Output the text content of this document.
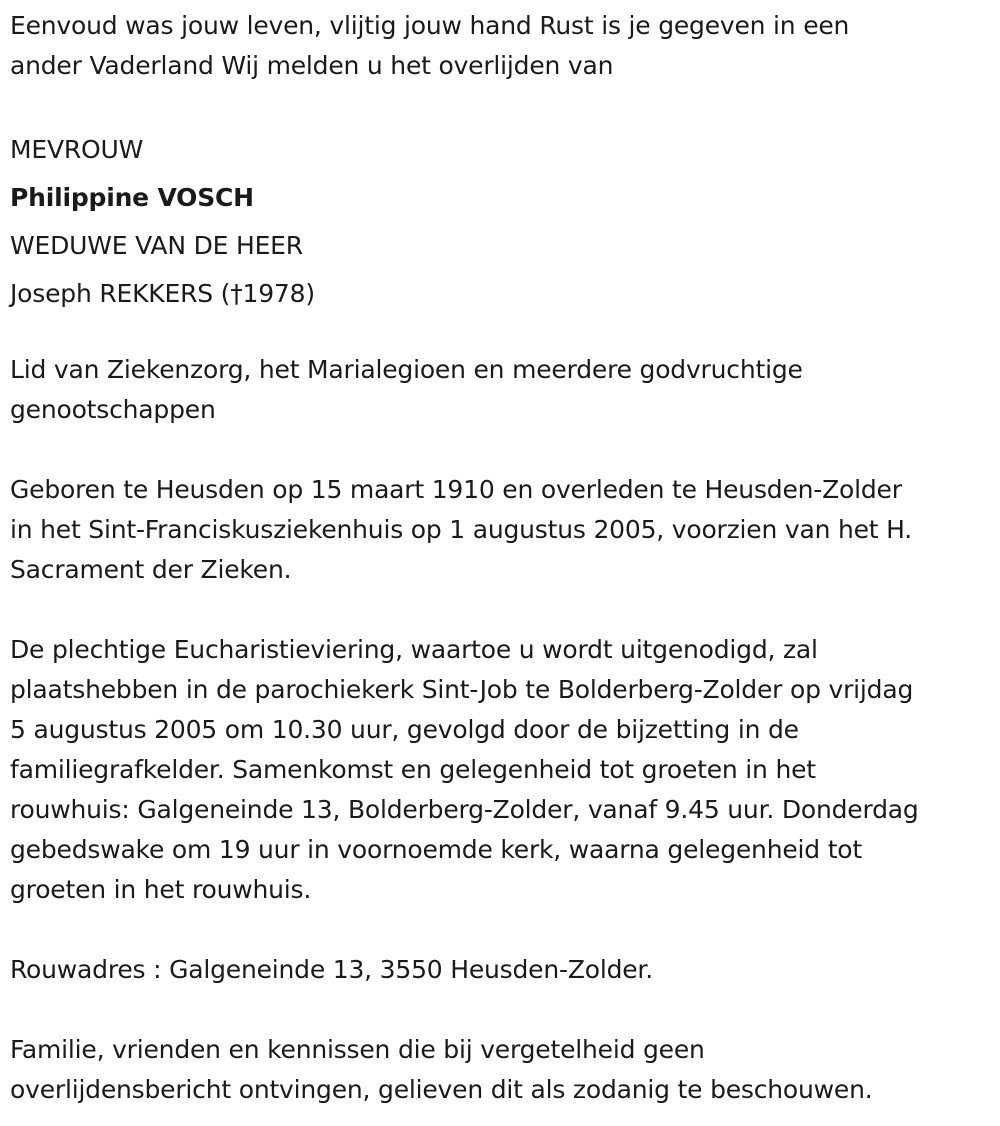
Eenvoud was jouw leven, vlijtig jouw hand Rust is je gegeven in een

ander Vaderland Wij melden u het overlijden van

MEVROUW

Philippine VOSCH

WEDUWE VAN DE HEER

Joseph REKKERS (†1978)

Lid van Ziekenzorg, het Marialegioen en meerdere godvruchtige

genootschappen

Geboren te Heusden op 15 maart 1910 en overleden te Heusden-Zolder

in het Sint-Franciskusziekenhuis op 1 augustus 2005, voorzien van het H.

Sacrament der Zieken.

De plechtige Eucharistieviering, waartoe u wordt uitgenodigd, zal

plaatshebben in de parochiekerk Sint-Job te Bolderberg-Zolder op vrijdag

5 augustus 2005 om 10.30 uur, gevolgd door de bijzetting in de

familiegrafkelder. Samenkomst en gelegenheid tot groeten in het

rouwhuis: Galgeneinde 13, Bolderberg-Zolder, vanaf 9.45 uur. Donderdag

gebedswake om 19 uur in voornoemde kerk, waarna gelegenheid tot

groeten in het rouwhuis.

Rouwadres : Galgeneinde 13, 3550 Heusden-Zolder.

Familie, vrienden en kennissen die bij vergetelheid geen

overlijdensbericht ontvingen, gelieven dit als zodanig te beschouwen.
